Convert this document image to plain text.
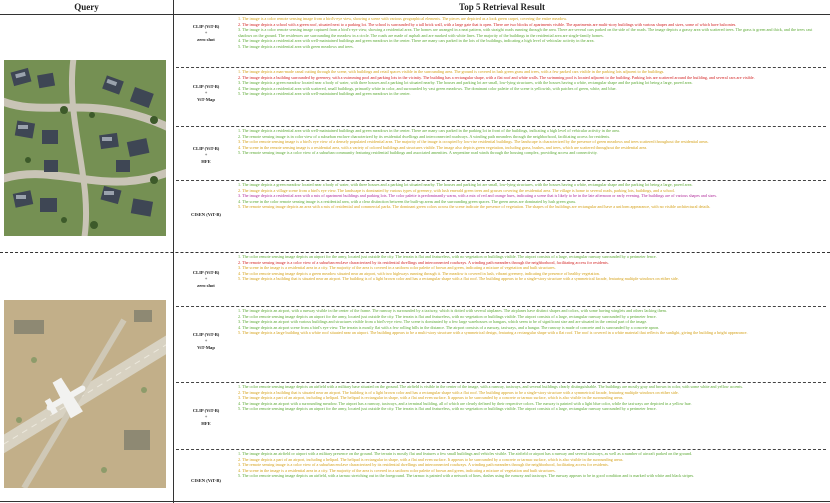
Query	Top 5 Retrieval Result
CLIP (ViT-B)
+
zero shot
CLIP (ViT-B)
+
ViT-Map
CLIP (ViT-B)
+
HFE
CISEN (ViT-B)
1. The image is a color remote sensing image from a bird's-eye view, showing a scene with various geographical elements. The pieces are depicted as a look green carpet, covering the entire meadow.
2. The image depicts a school with a green roof, situated next to a parking lot. The school is surrounded by a tall brick wall, with a large gate that is open. There are two blocks of apartments visible. The apartments are multi-story buildings with various shapes and sizes, some of which have balconies.
3. The image is a color remote sensing image captured from a bird's-eye view, showing a residential area. The homes are arranged in a neat pattern, with straight roads running through the area. There are several cars parked on the side of the roads. The image depicts a grassy area with scattered trees. The grass is green and thick, and the trees cast shadows on the ground. The residences are surrounding the meadow in a circle. The roads are made of asphalt and are marked with white lines. The majority of the buildings in the residential area are single-family homes.
4. The image depicts a residential area with well-maintained buildings and green meadows in the center. There are many cars parked in the lots of the buildings, indicating a high level of vehicular activity in the area.
5. The image depicts a residential area with green meadows and trees.
1. The image depicts a man-made canal cutting through the scene, with buildings and retail spaces visible in the surrounding area. The ground is covered in lush green grass and trees, with a few parked cars visible in the parking lots adjacent to the buildings.
2. The image depicts a building surrounded by greenery, with a swimming pool and parking lots in the vicinity. The building has a rectangular shape, with a flat roof and white walls. The swimming pool is located adjacent to the building. Parking lots are scattered around the building, and several cars are visible.
3. The image depicts a green meadow located near a body of water, with three houses and a parking lot situated nearby. The houses and parking lot are small, low-lying structures, with the houses having a white, rectangular shape and the parking lot being a large, paved area.
4. The image depicts a residential area with scattered, small buildings, primarily white in color, and surrounded by vast green meadows. The dominant color palette of the scene is yellowish, with patches of green, white, and blue.
5. The image depicts a residential area with well-maintained buildings and green meadows in the center.
1. The image depicts a residential area with well-maintained buildings and green meadows in the center. There are many cars parked in the parking lot in front of the buildings, indicating a high level of vehicular activity in the area.
2. The remote sensing image is in color view of a suburban enclave characterized by its residential dwellings and interconnected roadways. A winding path meanders through the neighborhood, facilitating access for residents.
3. The color remote sensing image is a bird's eye view of a densely populated residential area. The majority of the image is occupied by low-rise residential buildings. The landscape is characterized by the presence of green meadows and trees scattered throughout the residential areas.
4. The scene in the remote sensing image is a residential area, with a variety of colored buildings and structures visible. The image also depicts green vegetation, including grass, bushes, and trees, which are scattered throughout the residential area.
5. The remote sensing image is a color view of a suburban community featuring residential buildings and associated amenities. A serpentine road winds through the housing complex, providing access and connectivity.
1. The image depicts a green meadow located near a body of water, with three houses and a parking lot situated nearby. The houses and parking lot are small, low-lying structures, with the houses having a white, rectangular shape and the parking lot being a large, paved area.
2. The image depicts a village scene from a bird's eye view. The landscape is dominated by various types of greenery, with lush emerald green trees and grasses covering the residential area. The village is home to several roads, parking lots, buildings, and a school.
3. The image depicts a residential area with a mix of apartment buildings and parking lots. The color palette is predominantly warm, with a mix of red and orange hues, indicating a scene that is likely to be in the late afternoon or early evening. The buildings are of various shapes and sizes.
4. The scene in the color remote sensing image is a residential area, with a clear distinction between the built-up areas and the surrounding green spaces. The green areas are dominated by lush green grass.
5. The remote sensing image depicts an area with a mix of residential and commercial parks. The dominant green colors across the scene indicate the presence of vegetation. The shapes of the buildings are rectangular and have a uniform appearance, with no visible architectural details.
CLIP (ViT-B)
+
zero shot
CLIP (ViT-B)
+
ViT-Map
CLIP (ViT-B)
+
HFE
CISEN (ViT-B)
1. The color remote sensing image depicts an airport for the army, located just outside the city. The terrain is flat and featureless, with no vegetation or buildings visible. The airport consists of a large, rectangular runway surrounded by a perimeter fence.
2. The remote sensing image is a color view of a suburban enclave characterized by its residential dwellings and interconnected roadways. A winding path meanders through the neighborhood, facilitating access for residents.
3. The scene in the image is a residential area in a city. The majority of the area is covered in a uniform color palette of brown and green, indicating a mixture of vegetation and built structures.
4. The color remote sensing image depicts a green meadow situated near an airport, with two highways running through it. The meadow is covered in lush, vibrant greenery, indicating the presence of healthy vegetation.
5. The image depicts a building that is situated near an airport. The building is of a light brown color and has a rectangular shape with a flat roof. The building appears to be a single-story structure with a symmetrical facade, featuring multiple windows on either side.
1. The image depicts an airport, with a runway visible in the center of the frame. The runway is surrounded by a taxiway, which is dotted with several airplanes. The airplanes have distinct shapes and colors, with some having winglets and others lacking them.
2. The color remote sensing image depicts an airport for the army, located just outside the city. The terrain is flat and featureless, with no vegetation or buildings visible. The airport consists of a large, rectangular runway surrounded by a perimeter fence.
3. The image depicts an airport with various buildings and structures visible from a bird's-eye view. The scene is dominated by a few large warehouses or hangars, which seem to be of significant size and are situated in the central part of the image.
4. The image depicts an airport scene from a bird's eye view. The terrain is mostly flat with a few rolling hills in the distance. The airport consists of a runway, taxiways, and a hangar. The runway is made of concrete and is surrounded by a concrete apron.
5. The image depicts a large building with a white roof situated near an airport. The building appears to be a multi-story structure with a symmetrical design, featuring a rectangular shape with a flat roof. The roof is covered in a white material that reflects the sunlight, giving the building a bright appearance.
1. The color remote sensing image depicts an airfield with a military base situated on the ground. The airfield is visible in the center of the image, with a runway, taxiways, and several buildings clearly distinguishable. The buildings are mostly gray and brown in color, with some white and yellow accents.
2. The image depicts a building that is situated near an airport. The building is of a light brown color and has a rectangular shape with a flat roof. The building appears to be a single-story structure with a symmetrical facade, featuring multiple windows on either side.
3. The image depicts a part of an airport, including a helipad. The helipad is rectangular in shape, with a flat and even surface. It appears to be surrounded by a concrete or tarmac surface, which is also visible in the surrounding areas.
4. The image depicts an airport with a surrounding meadow. The airport has a runway, taxiways, and a terminal building, all of which are clearly defined by their respective colors. The runway is painted with a light blue color, while the taxiways are depicted in a yellow hue.
5. The color remote sensing image depicts an airport for the army, located just outside the city. The terrain is flat and featureless, with no vegetation or buildings visible. The airport consists of a large, rectangular runway surrounded by a perimeter fence.
1. The image depicts an airfield or airport with a military presence on the ground. The terrain is mostly flat and features a few small buildings and vehicles visible. The airfield or airport has a runway and several taxiways, as well as a number of aircraft parked on the ground.
2. The image depicts a part of an airport, including a helipad. The helipad is rectangular in shape, with a flat and even surface. It appears to be surrounded by a concrete or tarmac surface, which is also visible in the surrounding areas.
3. The remote sensing image is a color view of a suburban enclave characterized by its residential dwellings and interconnected roadways. A winding path meanders through the neighborhood, facilitating access for residents.
4. The scene in the image is a residential area in a city. The majority of the area is covered in a uniform color palette of brown and green, indicating a mixture of vegetation and built structures.
5. The color remote sensing image depicts an airfield, with a tarmac stretching out in the foreground. The tarmac is painted with a network of lines, dashes using the runway and taxiways. The runway appears to be in good condition and is marked with white and black stripes.
